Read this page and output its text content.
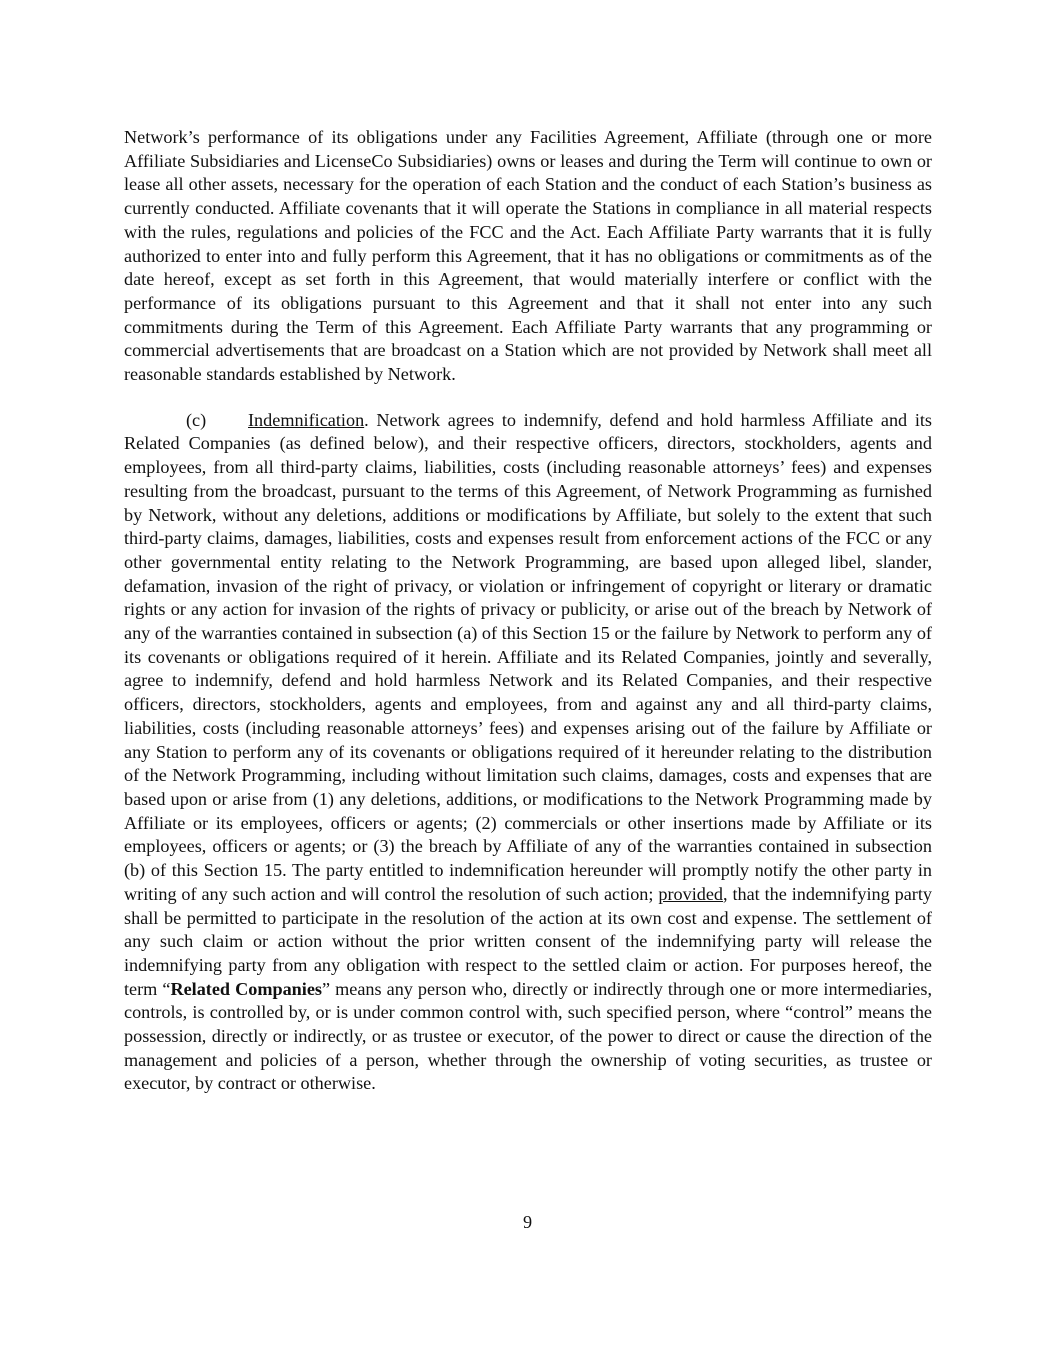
Network’s performance of its obligations under any Facilities Agreement, Affiliate (through one or more Affiliate Subsidiaries and LicenseCo Subsidiaries) owns or leases and during the Term will continue to own or lease all other assets, necessary for the operation of each Station and the conduct of each Station’s business as currently conducted. Affiliate covenants that it will operate the Stations in compliance in all material respects with the rules, regulations and policies of the FCC and the Act. Each Affiliate Party warrants that it is fully authorized to enter into and fully perform this Agreement, that it has no obligations or commitments as of the date hereof, except as set forth in this Agreement, that would materially interfere or conflict with the performance of its obligations pursuant to this Agreement and that it shall not enter into any such commitments during the Term of this Agreement. Each Affiliate Party warrants that any programming or commercial advertisements that are broadcast on a Station which are not provided by Network shall meet all reasonable standards established by Network.

(c) Indemnification. Network agrees to indemnify, defend and hold harmless Affiliate and its Related Companies (as defined below), and their respective officers, directors, stockholders, agents and employees, from all third-party claims, liabilities, costs (including reasonable attorneys’ fees) and expenses resulting from the broadcast, pursuant to the terms of this Agreement, of Network Programming as furnished by Network, without any deletions, additions or modifications by Affiliate, but solely to the extent that such third-party claims, damages, liabilities, costs and expenses result from enforcement actions of the FCC or any other governmental entity relating to the Network Programming, are based upon alleged libel, slander, defamation, invasion of the right of privacy, or violation or infringement of copyright or literary or dramatic rights or any action for invasion of the rights of privacy or publicity, or arise out of the breach by Network of any of the warranties contained in subsection (a) of this Section 15 or the failure by Network to perform any of its covenants or obligations required of it herein. Affiliate and its Related Companies, jointly and severally, agree to indemnify, defend and hold harmless Network and its Related Companies, and their respective officers, directors, stockholders, agents and employees, from and against any and all third-party claims, liabilities, costs (including reasonable attorneys’ fees) and expenses arising out of the failure by Affiliate or any Station to perform any of its covenants or obligations required of it hereunder relating to the distribution of the Network Programming, including without limitation such claims, damages, costs and expenses that are based upon or arise from (1) any deletions, additions, or modifications to the Network Programming made by Affiliate or its employees, officers or agents; (2) commercials or other insertions made by Affiliate or its employees, officers or agents; or (3) the breach by Affiliate of any of the warranties contained in subsection (b) of this Section 15. The party entitled to indemnification hereunder will promptly notify the other party in writing of any such action and will control the resolution of such action; provided, that the indemnifying party shall be permitted to participate in the resolution of the action at its own cost and expense. The settlement of any such claim or action without the prior written consent of the indemnifying party will release the indemnifying party from any obligation with respect to the settled claim or action. For purposes hereof, the term “Related Companies” means any person who, directly or indirectly through one or more intermediaries, controls, is controlled by, or is under common control with, such specified person, where “control” means the possession, directly or indirectly, or as trustee or executor, of the power to direct or cause the direction of the management and policies of a person, whether through the ownership of voting securities, as trustee or executor, by contract or otherwise.

9
